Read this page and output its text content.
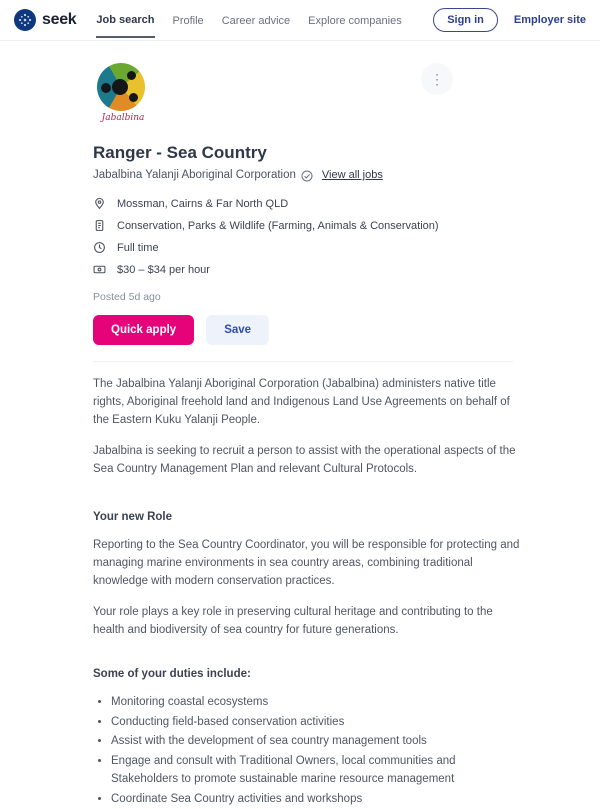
seek Job search Profile Career advice Explore companies	Sign in	Employer site
⋮
Jabalbina
Ranger - Sea Country
Jabalbina Yalanji Aboriginal Corporation View all jobs
Mossman, Cairns & Far North QLD
Conservation, Parks & Wildlife (Farming, Animals & Conservation)
Full time
$30 – $34 per hour
Posted 5d ago
Quick apply	Save

The Jabalbina Yalanji Aboriginal Corporation (Jabalbina) administers native title rights, Aboriginal freehold land and Indigenous Land Use Agreements on behalf of the Eastern Kuku Yalanji People.

Jabalbina is seeking to recruit a person to assist with the operational aspects of the Sea Country Management Plan and relevant Cultural Protocols.

Your new Role

Reporting to the Sea Country Coordinator, you will be responsible for protecting and managing marine environments in sea country areas, combining traditional knowledge with modern conservation practices.

Your role plays a key role in preserving cultural heritage and contributing to the health and biodiversity of sea country for future generations.

Some of your duties include:
• Monitoring coastal ecosystems
• Conducting field-based conservation activities
• Assist with the development of sea country management tools
• Engage and consult with Traditional Owners, local communities and Stakeholders to promote sustainable marine resource management
• Coordinate Sea Country activities and workshops
